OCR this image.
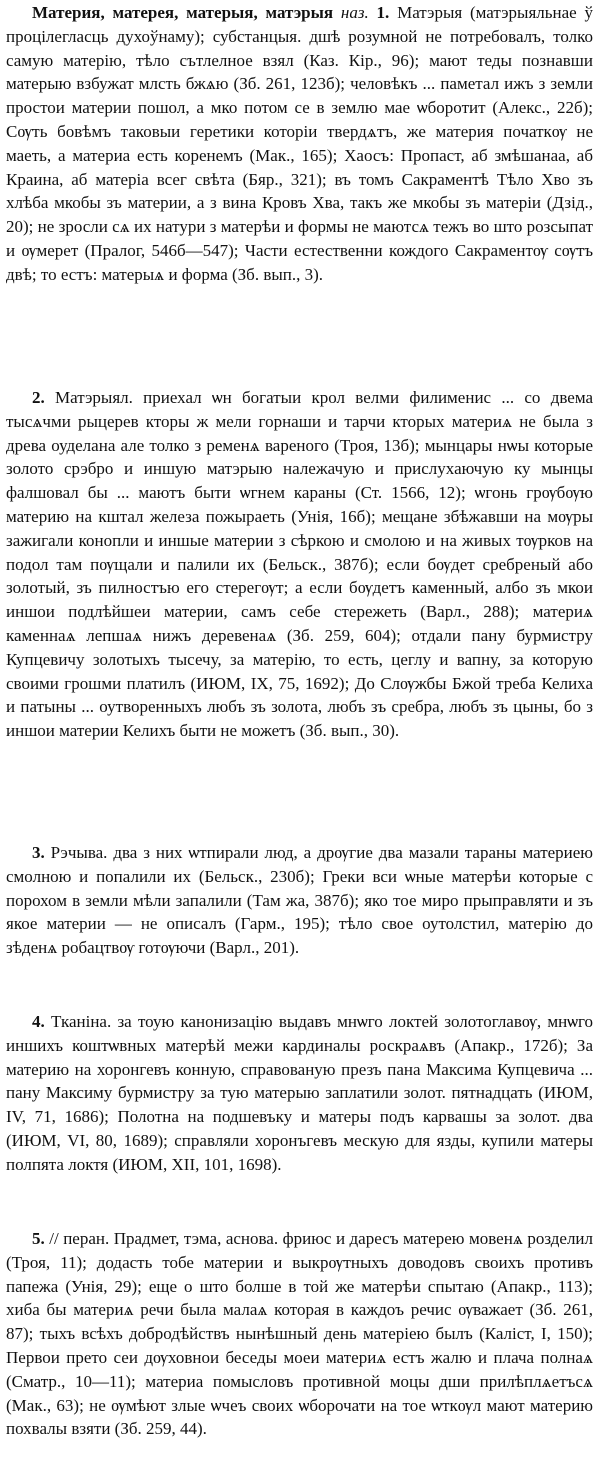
Материя, матерея, матерыя, матэрыя наз. 1. Матэрыя (матэрыяльнае ў процілегласць духоўнаму); субстанцыя. дшѣ розумной не потребовалъ, толко самую матерію, тѣло сътлелное взял (Каз. Кір., 96); мают теды познавши матерыю взбужат млсть бжѧю (Зб. 261, 123б); человѣкъ ... паметал ижъ з земли простои материи пошол, а мко потом се в землю мае ѡборотит (Алекс., 22б); Сѹть бовѣмъ таковыи геретики которіи твердѧтъ, же материя початкѹ не маеть, а материа есть коренемъ (Мак., 165); Хаосъ: Пропаст, аб змѣшанаа, аб Краина, аб матерiа всег свѣта (Бяр., 321); въ томъ Сакраментѣ Тѣло Хво зъ хлѣба мкобы зъ материи, а з вина Кровъ Хва, такъ же мкобы зъ матеріи (Дзiд., 20); не зросли сѧ их натури з матерѣи и формы не маютсѧ тежъ во што розсыпат и ѹмерет (Пралог, 546б—547); Части естественни кождого Сакраментѹ сѹтъ двѣ; то естъ: матерыѧ и форма (Зб. вып., 3).

2. Матэрыял. приехал ѡн богатыи крол велми филименис ... со двема тысѧчми рыцерев кторы ж мели горнаши и тарчи кторых материѧ не была з древа оуделана але толко з ременѧ вареного (Троя, 13б); мынцары нѡы которые золото срэбро и иншую матэрыю належачую и прислухаючую ку мынцы фалшовал бы ... маютъ быти ѡгнем караны (Ст. 1566, 12); ѡгонь грѹбѹю материю на кштал железа пожыраеть (Унія, 16б); мещане збѣжавши на мѹры зажигали конопли и иншые материи з сѣркою и смолою и на живых тѹрков на подол там пѹщали и палили их (Бельск., 387б); если бѹдет сребреный або золотый, зъ пилностъю его стерегѹт; а если бѹдетъ каменный, албо зъ мкои иншои подлѣйшеи материи, самъ себе стережеть (Варл., 288); материѧ каменнаѧ лепшаѧ нижъ деревенаѧ (Зб. 259, 604); отдали пану бурмистру Купцевичу золотыхъ тысечу, за матерію, то есть, цеглу и вапну, за которую своими грошми платилъ (ИЮМ, IX, 75, 1692); До Слѹжбы Бжой треба Келиха и патыны ... оутворенныхъ любъ зъ золота, любъ зъ сребра, любъ зъ цыны, бо з иншои материи Келихъ быти не можетъ (Зб. вып., 30).

3. Рэчыва. два з них ѡтпирали люд, а дрѹгие два мазали тараны материею смолною и попалили их (Бельск., 230б); Греки вси ѡные матерѣи которые с порохом в земли мѣли запалили (Там жа, 387б); яко тое миро прыправляти и зъ якое материи — не описалъ (Гарм., 195); тѣло свое оутолстил, матерiю до зѣденѧ робацтвѹ готѹючи (Варл., 201).

4. Тканiна. за тоую канонизацію выдавъ мнѡго локтей золотоглавѹ, мнѡго иншихъ коштѡвных матерѣй межи кардиналы роскраѧвъ (Апакр., 172б); За материю на хоронгевъ конную, справованую презъ пана Максима Купцевича ... пану Максиму бурмистру за тую матерыю заплатили золот. пятнадцать (ИЮМ, IV, 71, 1686); Полотна на подшевъку и матеры подъ карвашы за золот. два (ИЮМ, VI, 80, 1689); справляли хоронъгевъ мескую для язды, купили матеры полпята локтя (ИЮМ, XII, 101, 1698).

5. // перан. Прадмет, тэма, аснова. фриюс и даресъ матерею мовенѧ розделил (Троя, 11); додасть тобе материи и выкрѹтныхъ доводовъ своихъ противъ папежа (Унія, 29); еще о што болше в той же матерѣи спытаю (Апакр., 113); хиба бы материѧ речи была малаѧ которая в каждоъ речис ѹважает (Зб. 261, 87); тыхъ всѣхъ добродѣйствъ нынѣшный день матерiею былъ (Калiст, I, 150); Первои прето сеи дѹховнои беседы моеи материѧ естъ жалю и плача полнаѧ (Сматр., 10—11); материа помысловъ противной моцы дши прилѣплѧетъсѧ (Мак., 63); не ѹмѣют злые ѡчеъ своих ѡборочати на тое ѡткѹл мают материю похвалы взяти (Зб. 259, 44).
